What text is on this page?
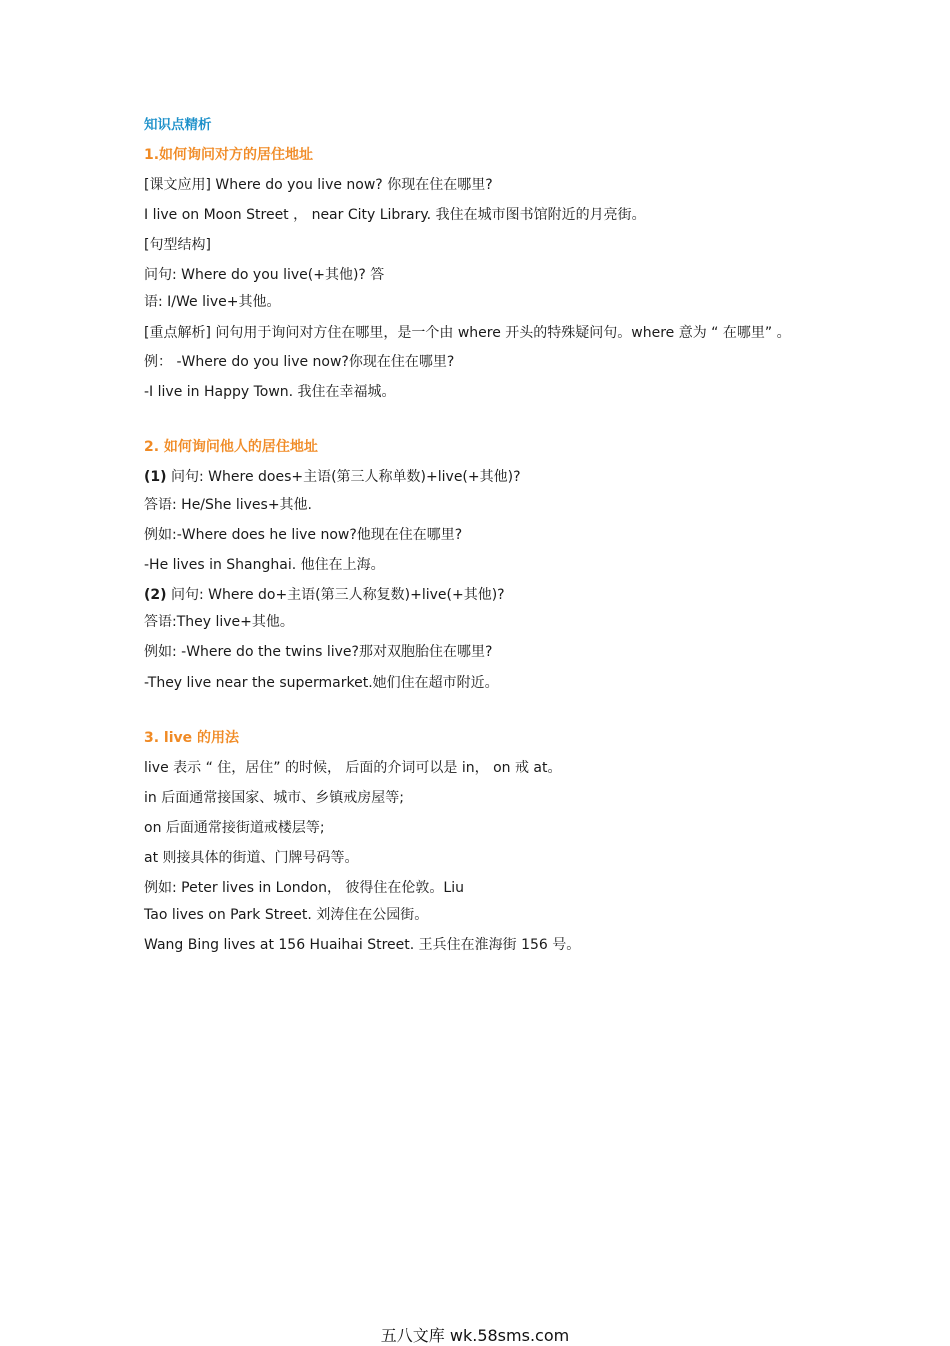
知识点精析
1.如何询问对方的居住地址
[课文应用] Where do you live now? 你现在住在哪里?
I live on Moon Street ， near City Library. 我住在城市图书馆附近的月亮街。
[句型结构]
问句: Where do you live(+其他)? 答
语: I/We live+其他。
[重点解析] 问句用于询问对方住在哪里，是一个由 where 开头的特殊疑问句。where 意为 “ 在哪里” 。
例： -Where do you live now?你现在住在哪里?
-I live in Happy Town. 我住在幸福城。
2. 如何询问他人的居住地址
(1) 问句: Where does+主语(第三人称单数)+live(+其他)?
答语: He/She lives+其他.
例如:-Where does he live now?他现在住在哪里?
-He lives in Shanghai. 他住在上海。
(2) 问句: Where do+主语(第三人称复数)+live(+其他)?
答语:They live+其他。
例如: -Where do the twins live?那对双胞胎住在哪里?
-They live near the supermarket.她们住在超市附近。
3. live 的用法
live 表示 “ 住，居住” 的时候， 后面的介词可以是 in， on 戒 at。
in 后面通常接国家、城市、乡镇戒房屋等;
on 后面通常接街道戒楼层等;
at 则接具体的街道、门牌号码等。
例如: Peter lives in London， 彼得住在伦敦。Liu
Tao lives on Park Street. 刘涛住在公园街。
Wang Bing lives at 156 Huaihai Street. 王兵住在淮海街 156 号。
五八文库 wk.58sms.com
